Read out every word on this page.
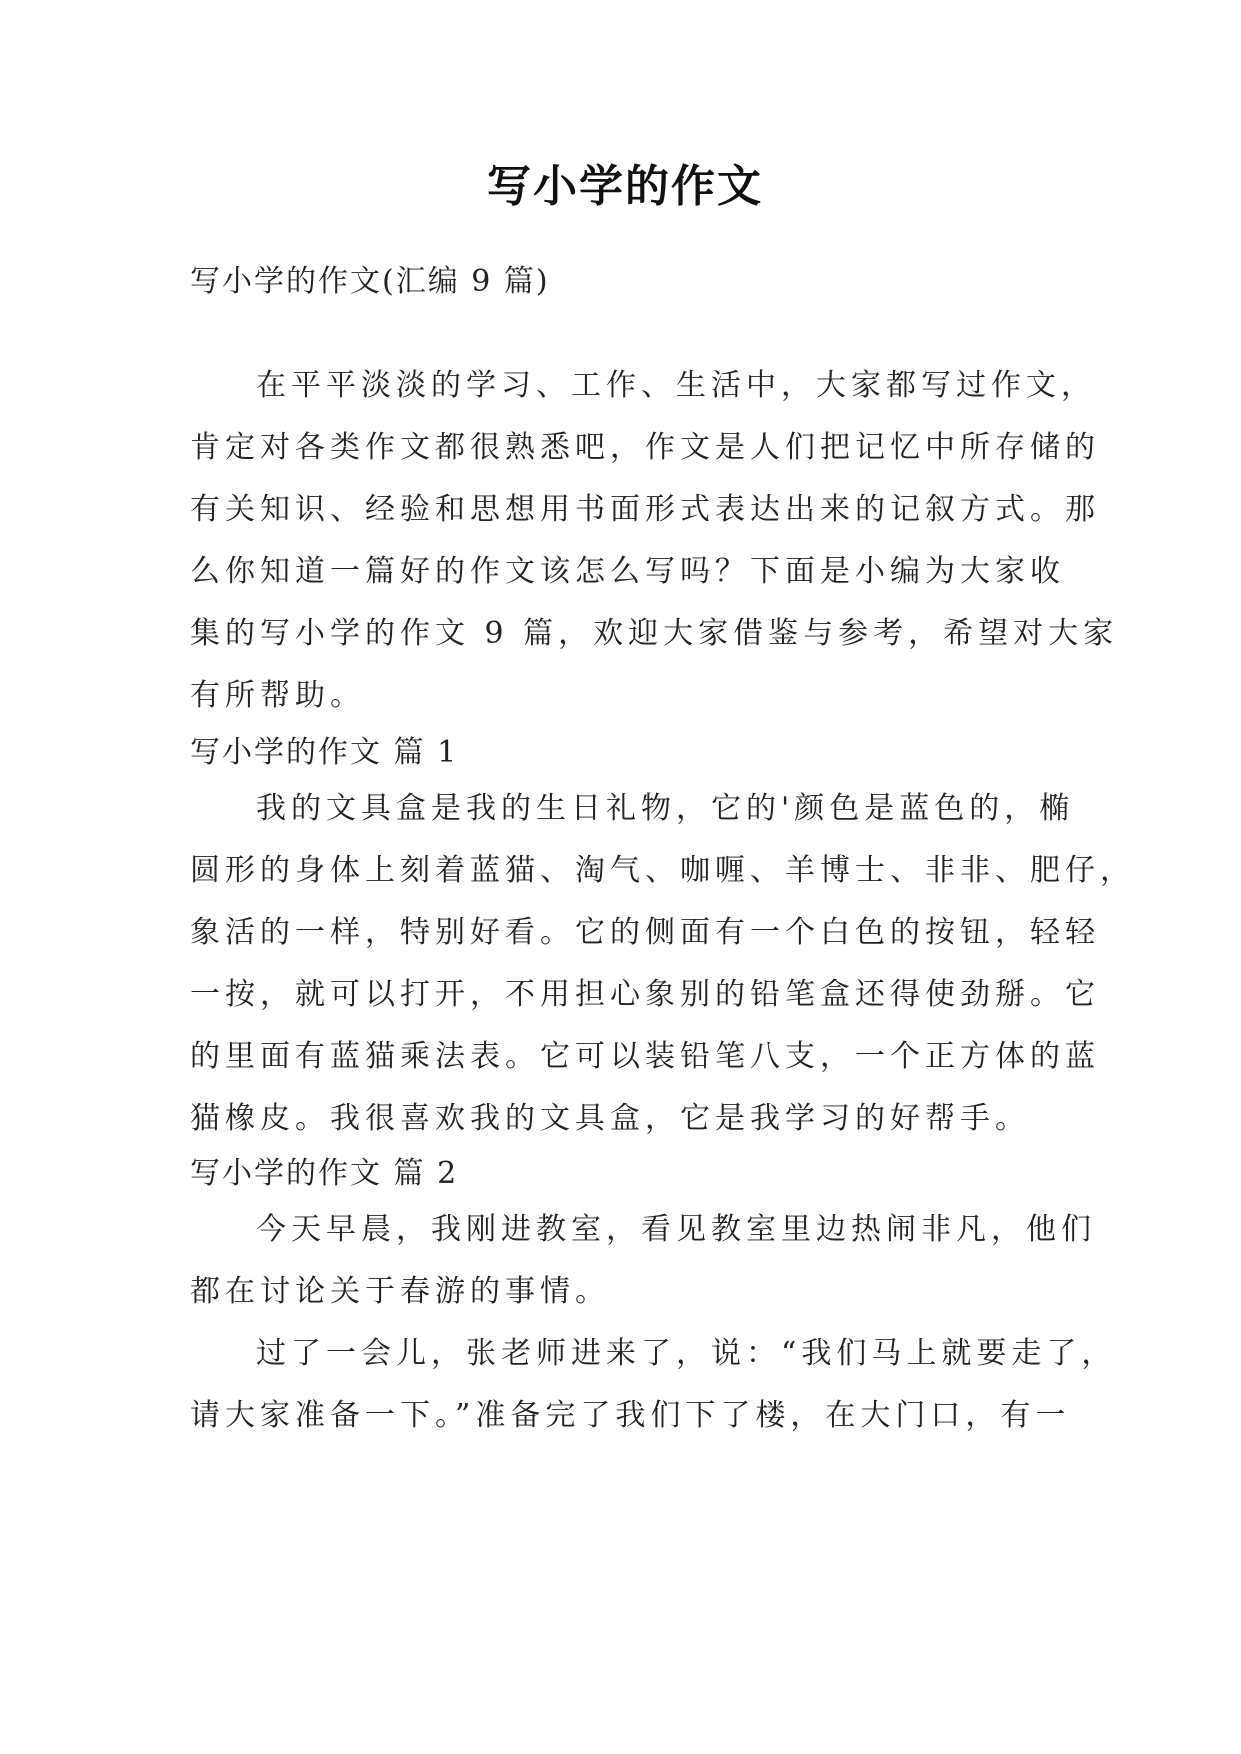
写小学的作文
写小学的作文(汇编 9 篇)
在平平淡淡的学习、工作、生活中，大家都写过作文，
肯定对各类作文都很熟悉吧，作文是人们把记忆中所存储的
有关知识、经验和思想用书面形式表达出来的记叙方式。那
么你知道一篇好的作文该怎么写吗？下面是小编为大家收
集的写小学的作文 9 篇，欢迎大家借鉴与参考，希望对大家
有所帮助。
写小学的作文 篇 1
我的文具盒是我的生日礼物，它的'颜色是蓝色的，椭
圆形的身体上刻着蓝猫、淘气、咖喱、羊博士、非非、肥仔，
象活的一样，特别好看。它的侧面有一个白色的按钮，轻轻
一按，就可以打开，不用担心象别的铅笔盒还得使劲掰。它
的里面有蓝猫乘法表。它可以装铅笔八支，一个正方体的蓝
猫橡皮。我很喜欢我的文具盒，它是我学习的好帮手。
写小学的作文 篇 2
今天早晨，我刚进教室，看见教室里边热闹非凡，他们
都在讨论关于春游的事情。
过了一会儿，张老师进来了，说：“我们马上就要走了，
请大家准备一下。”准备完了我们下了楼，在大门口，有一
